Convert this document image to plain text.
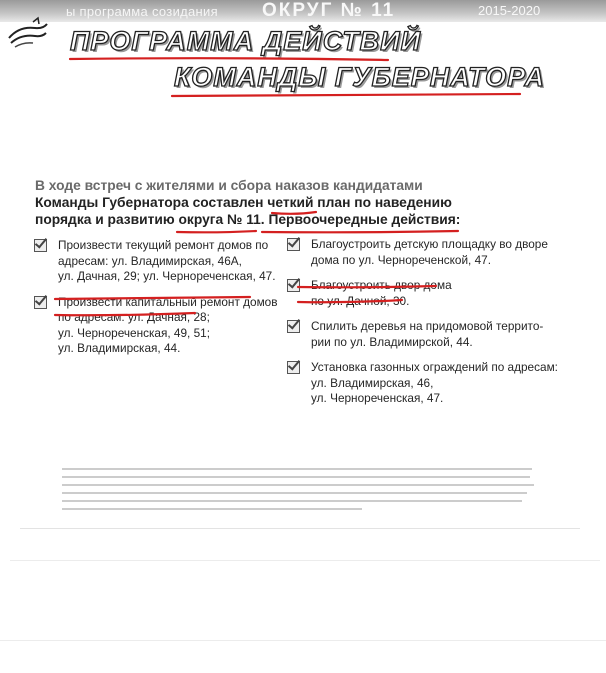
ы программа созидания ОКРУГ № 11	2015-2020
ПРОГРАММА ДЕЙСТВИЙ
КОМАНДЫ ГУБЕРНАТОРА
В ходе встреч с жителями и сбора наказов кандидатами
Команды Губернатора составлен четкий план по наведению
порядка и развитию округа № 11. Первоочередные действия:
Произвести текущий ремонт домов по
адресам: ул. Владимирская, 46А,
ул. Дачная, 29; ул. Черноречeнская, 47.
Произвести капитальный ремонт домов
по адресам: ул. Дачная, 28;
ул. Черноречeнская, 49, 51;
ул. Владимирская, 44.
Благоустроить детскую площадку во дворе
дома по ул. Черноречeнской, 47.
Благоустроить двор дома
по ул. Дачной, 30.
Спилить деревья на придомовой террито-
рии по ул. Владимирской, 44.
Установка газонных ограждений по адресам:
ул. Владимирская, 46,
ул. Черноречeнская, 47.
